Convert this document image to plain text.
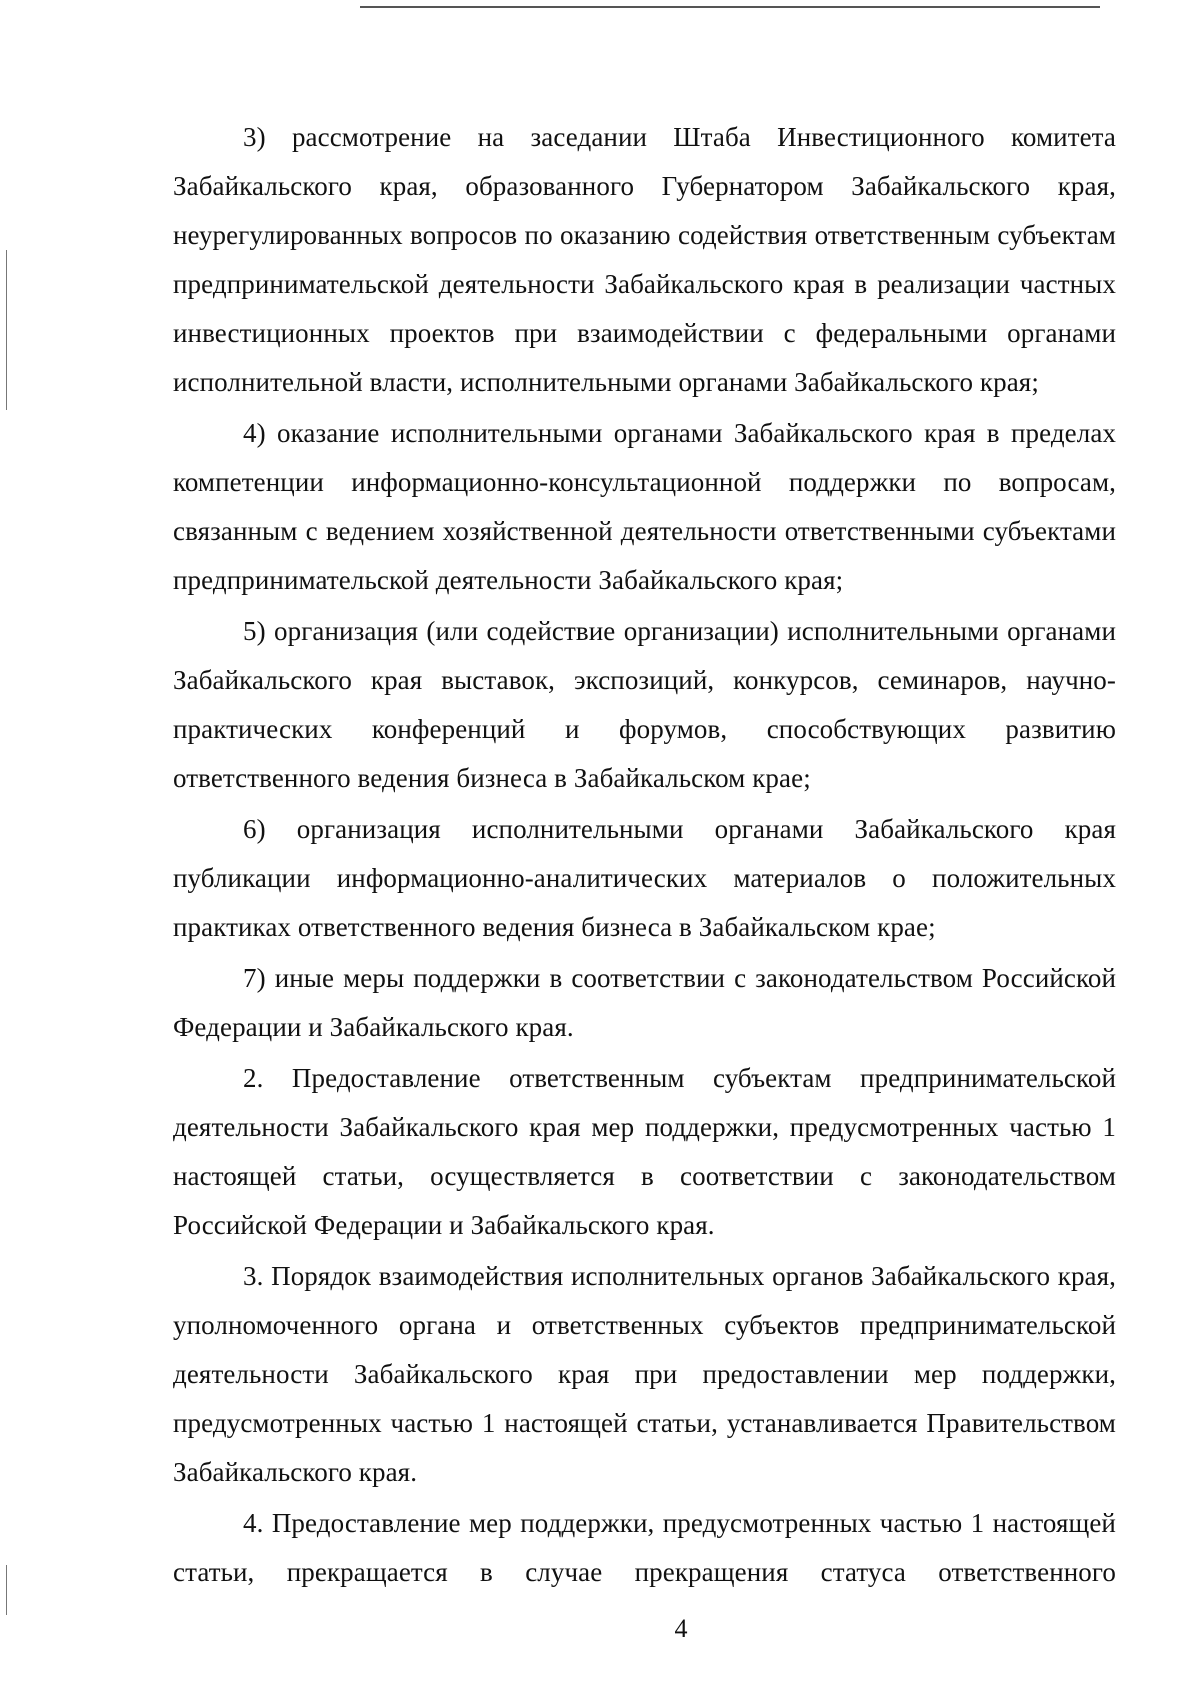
3) рассмотрение на заседании Штаба Инвестиционного комитета Забайкальского края, образованного Губернатором Забайкальского края, неурегулированных вопросов по оказанию содействия ответственным субъектам предпринимательской деятельности Забайкальского края в реализации частных инвестиционных проектов при взаимодействии с федеральными органами исполнительной власти, исполнительными органами Забайкальского края;

4) оказание исполнительными органами Забайкальского края в пределах компетенции информационно-консультационной поддержки по вопросам, связанным с ведением хозяйственной деятельности ответственными субъектами предпринимательской деятельности Забайкальского края;

5) организация (или содействие организации) исполнительными органами Забайкальского края выставок, экспозиций, конкурсов, семинаров, научно-практических конференций и форумов, способствующих развитию ответственного ведения бизнеса в Забайкальском крае;

6) организация исполнительными органами Забайкальского края публикации информационно-аналитических материалов о положительных практиках ответственного ведения бизнеса в Забайкальском крае;

7) иные меры поддержки в соответствии с законодательством Российской Федерации и Забайкальского края.

2. Предоставление ответственным субъектам предпринимательской деятельности Забайкальского края мер поддержки, предусмотренных частью 1 настоящей статьи, осуществляется в соответствии с законодательством Российской Федерации и Забайкальского края.

3. Порядок взаимодействия исполнительных органов Забайкальского края, уполномоченного органа и ответственных субъектов предпринимательской деятельности Забайкальского края при предоставлении мер поддержки, предусмотренных частью 1 настоящей статьи, устанавливается Правительством Забайкальского края.

4. Предоставление мер поддержки, предусмотренных частью 1 настоящей статьи, прекращается в случае прекращения статуса ответственного

4
